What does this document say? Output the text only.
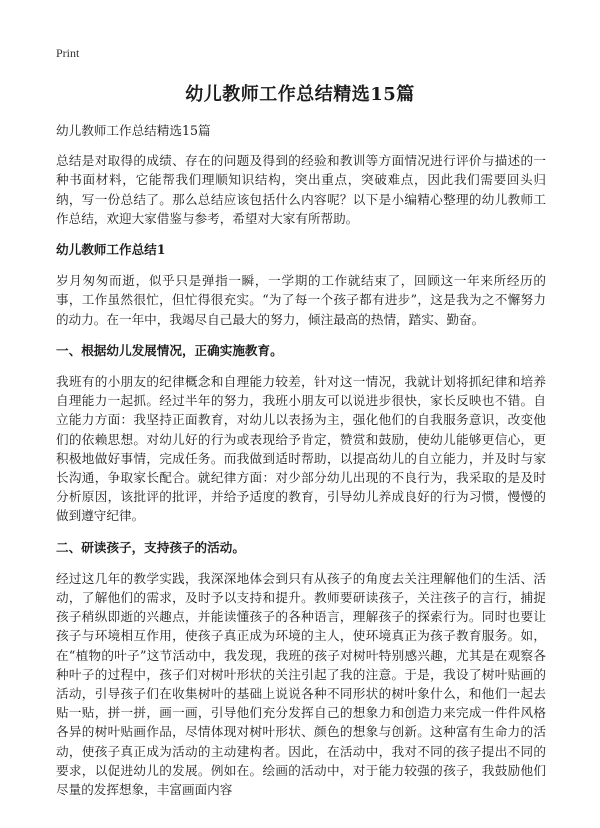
Print
幼儿教师工作总结精选15篇

幼儿教师工作总结精选15篇

总结是对取得的成绩、存在的问题及得到的经验和教训等方面情况进行评价与描述的一种书面材料，它能帮我们理顺知识结构，突出重点，突破难点，因此我们需要回头归纳，写一份总结了。那么总结应该包括什么内容呢？以下是小编精心整理的幼儿教师工作总结，欢迎大家借鉴与参考，希望对大家有所帮助。

幼儿教师工作总结1

岁月匆匆而逝，似乎只是弹指一瞬，一学期的工作就结束了，回顾这一年来所经历的事，工作虽然很忙，但忙得很充实。“为了每一个孩子都有进步”，这是我为之不懈努力的动力。在一年中，我竭尽自己最大的努力，倾注最高的热情，踏实、勤奋。

一、根据幼儿发展情况，正确实施教育。

我班有的小朋友的纪律概念和自理能力较差，针对这一情况，我就计划将抓纪律和培养自理能力一起抓。经过半年的努力，我班小朋友可以说进步很快，家长反映也不错。自立能力方面：我坚持正面教育，对幼儿以表扬为主，强化他们的自我服务意识，改变他们的依赖思想。对幼儿好的行为或表现给予肯定，赞赏和鼓励，使幼儿能够更信心，更积极地做好事情，完成任务。而我做到适时帮助，以提高幼儿的自立能力，并及时与家长沟通，争取家长配合。就纪律方面：对少部分幼儿出现的不良行为，我采取的是及时分析原因，该批评的批评，并给予适度的教育，引导幼儿养成良好的行为习惯，慢慢的做到遵守纪律。

二、研读孩子，支持孩子的活动。

经过这几年的教学实践，我深深地体会到只有从孩子的角度去关注理解他们的生活、活动，了解他们的需求，及时予以支持和提升。教师要研读孩子，关注孩子的言行，捕捉孩子稍纵即逝的兴趣点，并能读懂孩子的各种语言，理解孩子的探索行为。同时也要让孩子与环境相互作用，使孩子真正成为环境的主人，使环境真正为孩子教育服务。如，在“植物的叶子”这节活动中，我发现，我班的孩子对树叶特别感兴趣，尤其是在观察各种叶子的过程中，孩子们对树叶形状的关注引起了我的注意。于是，我设了树叶贴画的活动，引导孩子们在收集树叶的基础上说说各种不同形状的树叶象什么，和他们一起去贴一贴，拼一拼，画一画，引导他们充分发挥自己的想象力和创造力来完成一件件风格各异的树叶贴画作品，尽情体现对树叶形状、颜色的想象与创新。这种富有生命力的活动，使孩子真正成为活动的主动建构者。因此，在活动中，我对不同的孩子提出不同的要求，以促进幼儿的发展。例如在。绘画的活动中，对于能力较强的孩子，我鼓励他们尽量的发挥想象，丰富画面内容
